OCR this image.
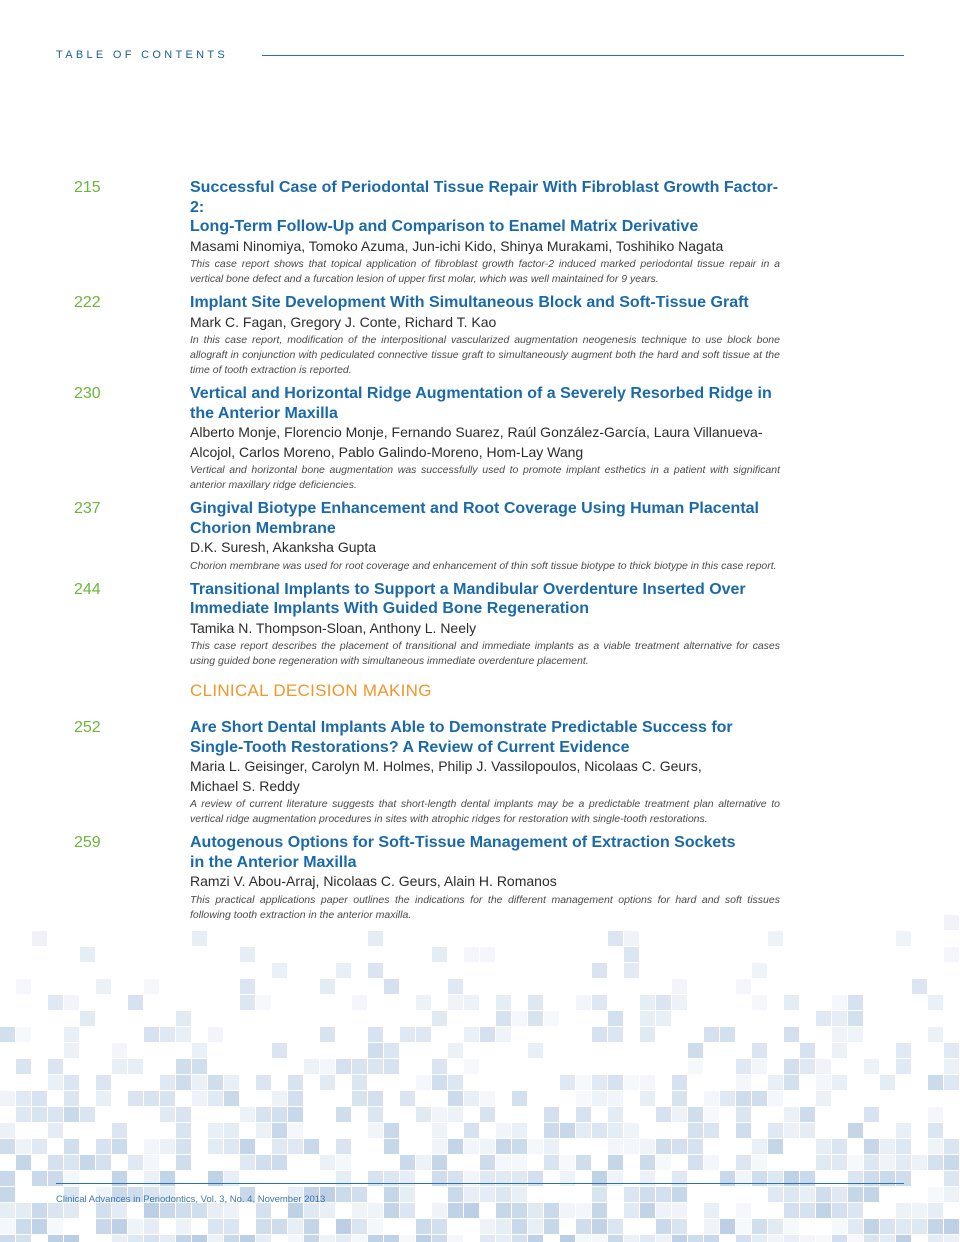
TABLE OF CONTENTS
215	Successful Case of Periodontal Tissue Repair With Fibroblast Growth Factor-2:
Long-Term Follow-Up and Comparison to Enamel Matrix Derivative
Masami Ninomiya, Tomoko Azuma, Jun-ichi Kido, Shinya Murakami, Toshihiko Nagata
This case report shows that topical application of fibroblast growth factor-2 induced marked periodontal tissue repair in a vertical bone defect and a furcation lesion of upper first molar, which was well maintained for 9 years.
222	Implant Site Development With Simultaneous Block and Soft-Tissue Graft
Mark C. Fagan, Gregory J. Conte, Richard T. Kao
In this case report, modification of the interpositional vascularized augmentation neogenesis technique to use block bone allograft in conjunction with pediculated connective tissue graft to simultaneously augment both the hard and soft tissue at the time of tooth extraction is reported.
230	Vertical and Horizontal Ridge Augmentation of a Severely Resorbed Ridge in
the Anterior Maxilla
Alberto Monje, Florencio Monje, Fernando Suarez, Raúl González-García, Laura Villanueva-
Alcojol, Carlos Moreno, Pablo Galindo-Moreno, Hom-Lay Wang
Vertical and horizontal bone augmentation was successfully used to promote implant esthetics in a patient with significant anterior maxillary ridge deficiencies.
237	Gingival Biotype Enhancement and Root Coverage Using Human Placental
Chorion Membrane
D.K. Suresh, Akanksha Gupta
Chorion membrane was used for root coverage and enhancement of thin soft tissue biotype to thick biotype in this case report.
244	Transitional Implants to Support a Mandibular Overdenture Inserted Over
Immediate Implants With Guided Bone Regeneration
Tamika N. Thompson-Sloan, Anthony L. Neely
This case report describes the placement of transitional and immediate implants as a viable treatment alternative for cases using guided bone regeneration with simultaneous immediate overdenture placement.
CLINICAL DECISION MAKING
252	Are Short Dental Implants Able to Demonstrate Predictable Success for
Single-Tooth Restorations? A Review of Current Evidence
Maria L. Geisinger, Carolyn M. Holmes, Philip J. Vassilopoulos, Nicolaas C. Geurs,
Michael S. Reddy
A review of current literature suggests that short-length dental implants may be a predictable treatment plan alternative to vertical ridge augmentation procedures in sites with atrophic ridges for restoration with single-tooth restorations.
259	Autogenous Options for Soft-Tissue Management of Extraction Sockets
in the Anterior Maxilla
Ramzi V. Abou-Arraj, Nicolaas C. Geurs, Alain H. Romanos
This practical applications paper outlines the indications for the different management options for hard and soft tissues following tooth extraction in the anterior maxilla.
Clinical Advances in Periodontics, Vol. 3, No. 4, November 2013
